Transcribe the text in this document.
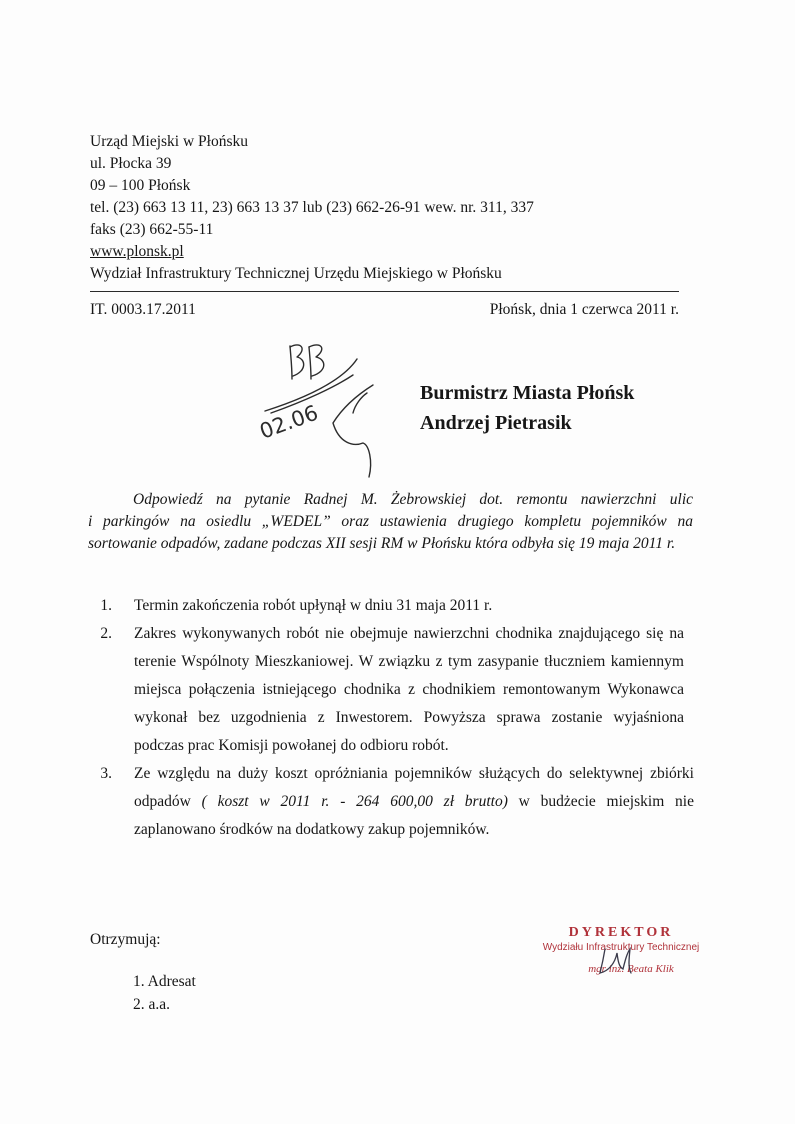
Urząd Miejski w Płońsku
ul. Płocka 39
09 – 100 Płońsk
tel. (23) 663 13 11, 23) 663 13 37 lub (23) 662-26-91 wew. nr. 311, 337
faks (23) 662-55-11
www.plonsk.pl
Wydział Infrastruktury Technicznej Urzędu Miejskiego w Płońsku
IT. 0003.17.2011	Płońsk, dnia 1 czerwca 2011 r.
02.06
Burmistrz Miasta Płońsk
Andrzej Pietrasik
Odpowiedź na pytanie Radnej M. Żebrowskiej dot. remontu nawierzchni ulic
i parkingów na osiedlu „WEDEL” oraz ustawienia drugiego kompletu pojemników na
sortowanie odpadów, zadane podczas XII sesji RM w Płońsku która odbyła się 19 maja 2011 r.
1. Termin zakończenia robót upłynął w dniu 31 maja 2011 r.
2. Zakres wykonywanych robót nie obejmuje nawierzchni chodnika znajdującego się na
terenie Wspólnoty Mieszkaniowej. W związku z tym zasypanie tłuczniem kamiennym
miejsca połączenia istniejącego chodnika z chodnikiem remontowanym Wykonawca
wykonał bez uzgodnienia z Inwestorem. Powyższa sprawa zostanie wyjaśniona
podczas prac Komisji powołanej do odbioru robót.
3. Ze względu na duży koszt opróżniania pojemników służących do selektywnej zbiórki
odpadów ( koszt w 2011 r. - 264 600,00 zł brutto) w budżecie miejskim nie
zaplanowano środków na dodatkowy zakup pojemników.
Otrzymują:
1. Adresat
2. a.a.
DYREKTOR
Wydziału Infrastruktury Technicznej
mgr inż. Beata Klik
